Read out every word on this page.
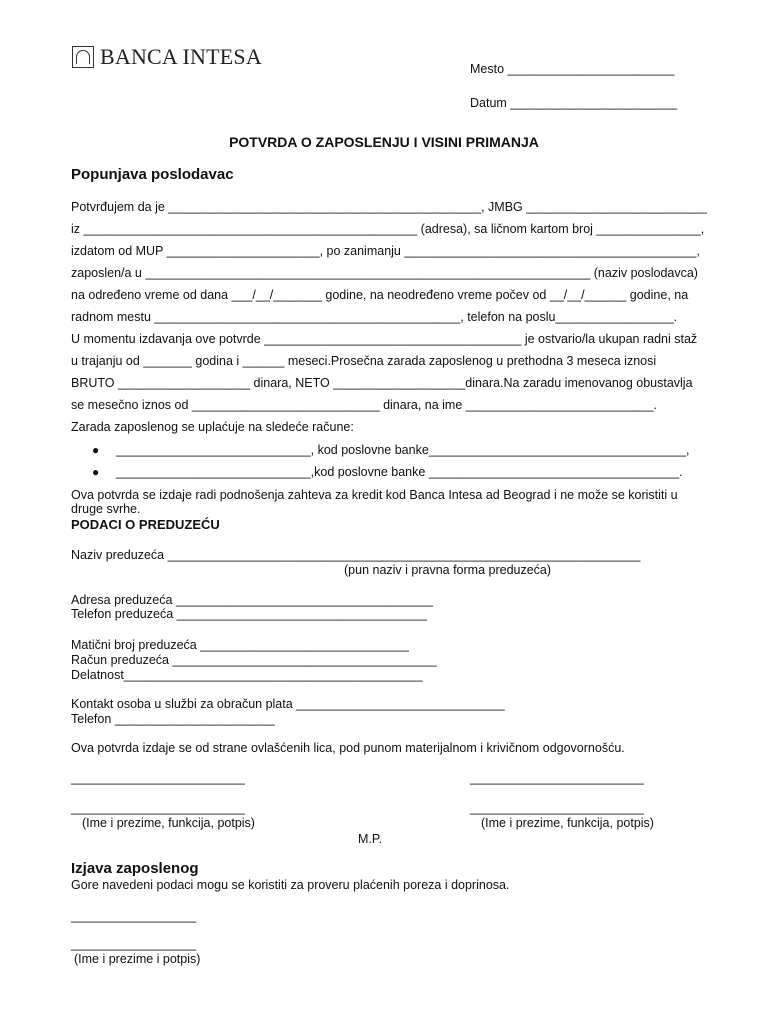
BANCA INTESA	Mesto ________________________
Datum ________________________
POTVRDA O ZAPOSLENJU I VISINI PRIMANJA
Popunjava poslodavac
Potvrđujem da je _____________________________________________, JMBG __________________________
iz ________________________________________________ (adresa), sa ličnom kartom broj _______________,
izdatom od MUP ______________________, po zanimanju __________________________________________,
zaposlen/a u ________________________________________________________________ (naziv poslodavca)
na određeno vreme od dana ___/__/_______ godine, na neodređeno vreme počev od __/__/______ godine, na
radnom mestu ____________________________________________, telefon na poslu_________________.
U momentu izdavanja ove potvrde _____________________________________ je ostvario/la ukupan radni staž
u trajanju od _______ godina i ______ meseci.Prosečna zarada zaposlenog u prethodna 3 meseca iznosi
BRUTO ___________________ dinara, NETO ___________________dinara.Na zaradu imenovanog obustavlja
se mesečno iznos od ___________________________ dinara, na ime ___________________________.
Zarada zaposlenog se uplaćuje na sledeće račune:
● ____________________________, kod poslovne banke_____________________________________,
● ____________________________,kod poslovne banke ____________________________________.
Ova potvrda se izdaje radi podnošenja zahteva za kredit kod Banca Intesa ad Beograd i ne može se koristiti u
druge svrhe.
PODACI O PREDUZEĆU
Naziv preduzeća ____________________________________________________________________
(pun naziv i pravna forma preduzeća)
Adresa preduzeća _____________________________________
Telefon preduzeća ____________________________________
Matični broj preduzeća ______________________________
Račun preduzeća ______________________________________
Delatnost___________________________________________
Kontakt osoba u službi za obračun plata ______________________________
Telefon _______________________
Ova potvrda izdaje se od strane ovlašćenih lica, pod punom materijalnom i krivičnom odgovornošću.
_________________________	_________________________
_________________________	_________________________
(Ime i prezime, funkcija, potpis)	(Ime i prezime, funkcija, potpis)
M.P.
Izjava zaposlenog
Gore navedeni podaci mogu se koristiti za proveru plaćenih poreza i doprinosa.
__________________
__________________
(Ime i prezime i potpis)
